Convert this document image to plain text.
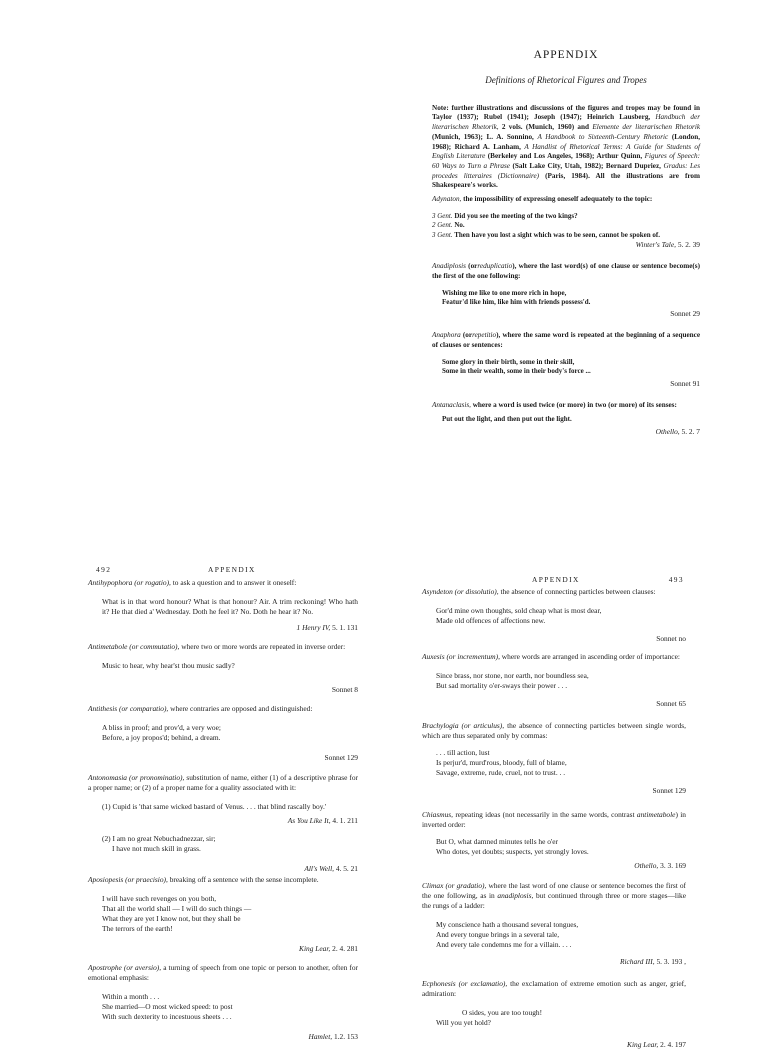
APPENDIX
Definitions of Rhetorical Figures and Tropes

Note: further illustrations and discussions of the figures and tropes may be found in Taylor (1937); Rubel (1941); Joseph (1947); Heinrich Lausberg, Handbuch der literarischen Rhetorik, 2 vols. (Munich, 1960) and Elemente der literarischen Rhetorik (Munich, 1963); L. A. Sonnino, A Handbook to Sixteenth-Century Rhetoric (London, 1968); Richard A. Lanham, A Handlist of Rhetorical Terms: A Guide for Students of English Literature (Berkeley and Los Angeles, 1968); Arthur Quinn, Figures of Speech: 60 Ways to Turn a Phrase (Salt Lake City, Utah, 1982); Bernard Dupriez, Gradus: Les procedes litteraires (Dictionnaire) (Paris, 1984). All the illustrations are from Shakespeare's works.

Adynaton, the impossibility of expressing oneself adequately to the topic:

3 Gent. Did you see the meeting of the two kings?
2 Gent. No.
3 Gent. Then have you lost a sight which was to be seen, cannot be spoken of.
Winter's Tale, 5. 2. 39

Anadiplosis (orreduplicatio), where the last word(s) of one clause or sentence become(s) the first of the one following:

Wishing me like to one more rich in hope,
Featur'd like him, like him with friends possess'd.
Sonnet 29

Anaphora (orrepetitio), where the same word is repeated at the beginning of a sequence of clauses or sentences:

Some glory in their birth, some in their skill,
Some in their wealth, some in their body's force ...
Sonnet 91

Antanaclasis, where a word is used twice (or more) in two (or more) of its senses:

Put out the light, and then put out the light.
Othello, 5. 2. 7
492	APPENDIX

Antihypophora (or rogatio), to ask a question and to answer it oneself:

What is in that word honour? What is that honour? Air. A trim reckoning! Who hath it? He that died a' Wednesday. Doth he feel it? No. Doth he hear it? No.

1 Henry IV, 5. 1. 131

Antimetabole (or commutatio), where two or more words are repeated in inverse order:

Music to hear, why hear'st thou music sadly?

Sonnet 8

Antithesis (or comparatio), where contraries are opposed and distinguished:

A bliss in proof; and prov'd, a very woe;
Before, a joy propos'd; behind, a dream.
Sonnet 129

Antonomasia (or pronominatio), substitution of name, either (1) of a descriptive phrase for a proper name; or (2) of a proper name for a quality associated with it:

(1) Cupid is 'that same wicked bastard of Venus. . . . that blind rascally boy.'

As You Like It, 4. 1. 211
(2) I am no great Nebuchadnezzar, sir;
I have not much skill in grass.
All's Well, 4. 5. 21

Aposiopesis (or praecisio), breaking off a sentence with the sense incomplete.

I will have such revenges on you both,
That all the world shall — I will do such things —
What they are yet I know not, but they shall be
The terrors of the earth!
King Lear, 2. 4. 281

Apostrophe (or aversio), a turning of speech from one topic or person to another, often for emotional emphasis:

Within a month . . .
She married—O most wicked speed: to post
With such dexterity to incestuous sheets . . .
Hamlet, 1.2. 153
APPENDIX	493

Asyndeton (or dissolutio), the absence of connecting particles between clauses:

Gor'd mine own thoughts, sold cheap what is most dear,
Made old offences of affections new.
Sonnet no

Auxesis (or incrementum), where words are arranged in ascending order of importance:

Since brass, nor stone, nor earth, nor boundless sea,
But sad mortality o'er-sways their power . . .
Sonnet 65

Brachylogia (or articulus), the absence of connecting particles between single words, which are thus separated only by commas:

. . . till action, lust
Is perjur'd, murd'rous, bloody, full of blame,
Savage, extreme, rude, cruel, not to trust. . .
Sonnet 129

Chiasmus, repeating ideas (not necessarily in the same words, contrast antimetabole) in inverted order:

But O, what damned minutes tells he o'er
Who dotes, yet doubts; suspects, yet strongly loves.
Othello, 3. 3. 169

Climax (or gradatio), where the last word of one clause or sentence becomes the first of the one following, as in anadiplosis, but continued through three or more stages—like the rungs of a ladder:

My conscience hath a thousand several tongues,
And every tongue brings in a several tale,
And every tale condemns me for a villain. . . .
Richard III, 5. 3. 193 ,

Ecphonesis (or exclamatio), the exclamation of extreme emotion such as anger, grief, admiration:

O sides, you are too tough!
Will you yet hold?
King Lear, 2. 4. 197
